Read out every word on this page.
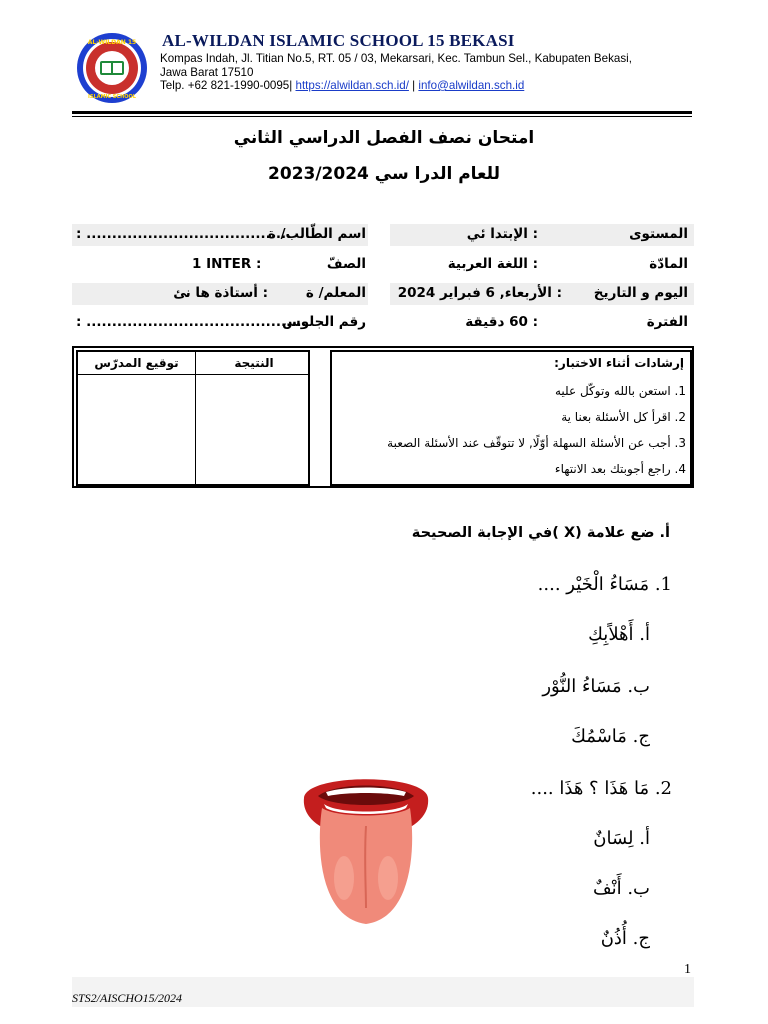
AL-WILDAN 15
ISLAMIC SCHOOL
AL-WILDAN ISLAMIC SCHOOL 15 BEKASI
Kompas Indah, Jl. Titian No.5, RT. 05 / 03, Mekarsari, Kec. Tambun Sel., Kabupaten Bekasi,
Jawa Barat 17510
Telp. +62 821-1990-0095| https://alwildan.sch.id/ | info@alwildan.sch.id
امتحان نصف الفصل الدراسي الثاني
للعام الدرا سي 2023/2024
المستوى
: الإبتدا ئي
المادّة
: اللغة العربية
اليوم و التاريخ
: الأربعاء, 6 فبراير 2024
الفترة
: 60 دقيقة
اسم الطّالب/ ة
: ........................................
الصفّ
1 INTER :
المعلم/ ة
: أستاذة ها نئ
رقم الجلوس
: ...........................................
النتيجة
توقيع المدرّس	إرشادات أثناء الاختبار:
1. استعن بالله وتوكّل عليه
2. اقرأ كل الأسئلة بعنا ية
3. أجب عن الأسئلة السهلة أوّلًا, لا تتوقّف عند الأسئلة الصعبة
4. راجع أجوبتك بعد الانتهاء
أ. ضع علامة (X )في الإجابة الصحيحة
1. مَسَاءُ الْخَيْر ....
أ. أَهْلاًبِكِ
ب. مَسَاءُ النُّوْر
ج. مَاسْمُكَ
2. مَا هَذَا ؟ هَذَا ....
أ. لِسَانٌ
ب. أَنْفٌ
ج. أُذُنٌ
1
STS2/AISCHO15/2024
